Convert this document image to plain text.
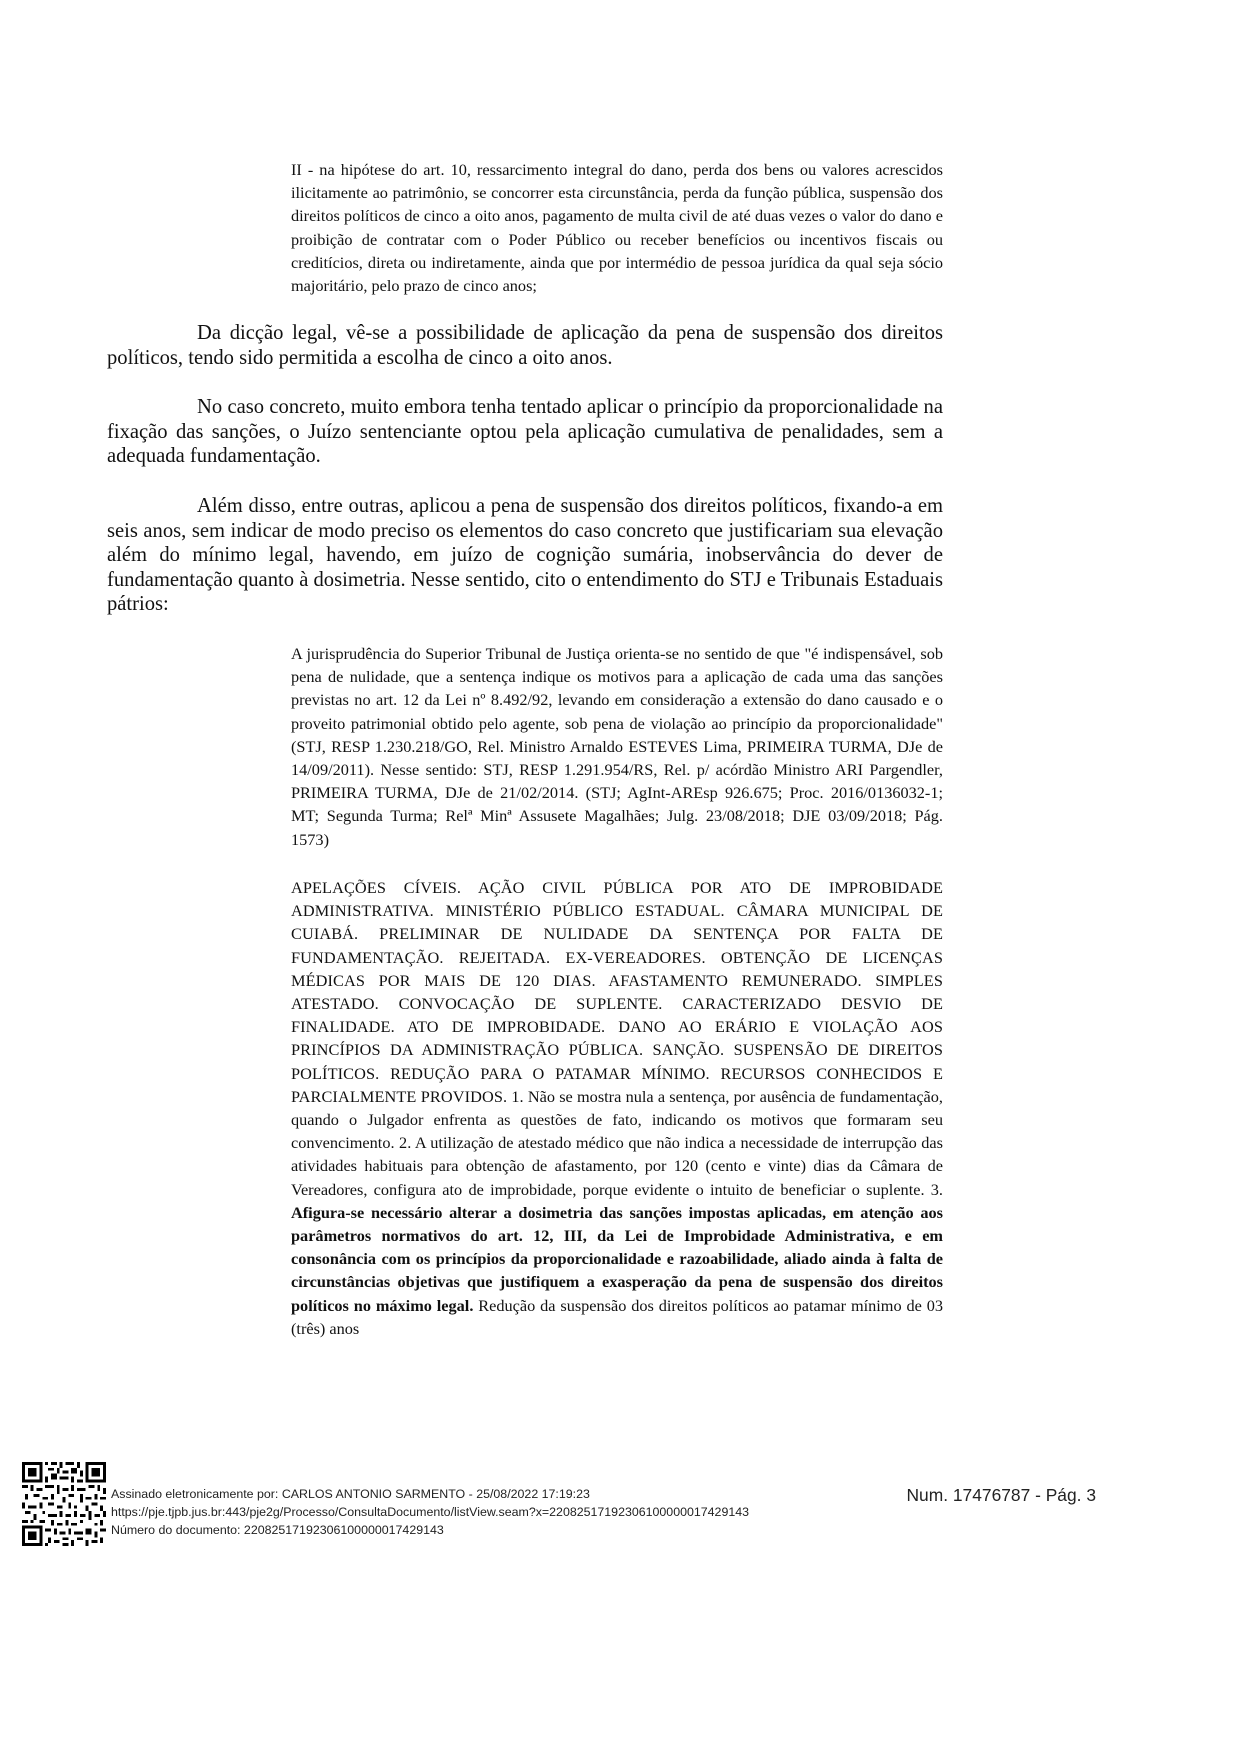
II - na hipótese do art. 10, ressarcimento integral do dano, perda dos bens ou valores acrescidos ilicitamente ao patrimônio, se concorrer esta circunstância, perda da função pública, suspensão dos direitos políticos de cinco a oito anos, pagamento de multa civil de até duas vezes o valor do dano e proibição de contratar com o Poder Público ou receber benefícios ou incentivos fiscais ou creditícios, direta ou indiretamente, ainda que por intermédio de pessoa jurídica da qual seja sócio majoritário, pelo prazo de cinco anos;
Da dicção legal, vê-se a possibilidade de aplicação da pena de suspensão dos direitos políticos, tendo sido permitida a escolha de cinco a oito anos.
No caso concreto, muito embora tenha tentado aplicar o princípio da proporcionalidade na fixação das sanções, o Juízo sentenciante optou pela aplicação cumulativa de penalidades, sem a adequada fundamentação.
Além disso, entre outras, aplicou a pena de suspensão dos direitos políticos, fixando-a em seis anos, sem indicar de modo preciso os elementos do caso concreto que justificariam sua elevação além do mínimo legal, havendo, em juízo de cognição sumária, inobservância do dever de fundamentação quanto à dosimetria. Nesse sentido, cito o entendimento do STJ e Tribunais Estaduais pátrios:
A jurisprudência do Superior Tribunal de Justiça orienta-se no sentido de que "é indispensável, sob pena de nulidade, que a sentença indique os motivos para a aplicação de cada uma das sanções previstas no art. 12 da Lei nº 8.492/92, levando em consideração a extensão do dano causado e o proveito patrimonial obtido pelo agente, sob pena de violação ao princípio da proporcionalidade" (STJ, RESP 1.230.218/GO, Rel. Ministro Arnaldo ESTEVES Lima, PRIMEIRA TURMA, DJe de 14/09/2011). Nesse sentido: STJ, RESP 1.291.954/RS, Rel. p/ acórdão Ministro ARI Pargendler, PRIMEIRA TURMA, DJe de 21/02/2014. (STJ; AgInt-AREsp 926.675; Proc. 2016/0136032-1; MT; Segunda Turma; Relª Minª Assusete Magalhães; Julg. 23/08/2018; DJE 03/09/2018; Pág. 1573)
APELAÇÕES CÍVEIS. AÇÃO CIVIL PÚBLICA POR ATO DE IMPROBIDADE ADMINISTRATIVA. MINISTÉRIO PÚBLICO ESTADUAL. CÂMARA MUNICIPAL DE CUIABÁ. PRELIMINAR DE NULIDADE DA SENTENÇA POR FALTA DE FUNDAMENTAÇÃO. REJEITADA. EX-VEREADORES. OBTENÇÃO DE LICENÇAS MÉDICAS POR MAIS DE 120 DIAS. AFASTAMENTO REMUNERADO. SIMPLES ATESTADO. CONVOCAÇÃO DE SUPLENTE. CARACTERIZADO DESVIO DE FINALIDADE. ATO DE IMPROBIDADE. DANO AO ERÁRIO E VIOLAÇÃO AOS PRINCÍPIOS DA ADMINISTRAÇÃO PÚBLICA. SANÇÃO. SUSPENSÃO DE DIREITOS POLÍTICOS. REDUÇÃO PARA O PATAMAR MÍNIMO. RECURSOS CONHECIDOS E PARCIALMENTE PROVIDOS. 1. Não se mostra nula a sentença, por ausência de fundamentação, quando o Julgador enfrenta as questões de fato, indicando os motivos que formaram seu convencimento. 2. A utilização de atestado médico que não indica a necessidade de interrupção das atividades habituais para obtenção de afastamento, por 120 (cento e vinte) dias da Câmara de Vereadores, configura ato de improbidade, porque evidente o intuito de beneficiar o suplente. 3. Afigura-se necessário alterar a dosimetria das sanções impostas aplicadas, em atenção aos parâmetros normativos do art. 12, III, da Lei de Improbidade Administrativa, e em consonância com os princípios da proporcionalidade e razoabilidade, aliado ainda à falta de circunstâncias objetivas que justifiquem a exasperação da pena de suspensão dos direitos políticos no máximo legal. Redução da suspensão dos direitos políticos ao patamar mínimo de 03 (três) anos
Assinado eletronicamente por: CARLOS ANTONIO SARMENTO - 25/08/2022 17:19:23
https://pje.tjpb.jus.br:443/pje2g/Processo/ConsultaDocumento/listView.seam?x=22082517192306100000017429143
Número do documento: 22082517192306100000017429143
Num. 17476787 - Pág. 3
